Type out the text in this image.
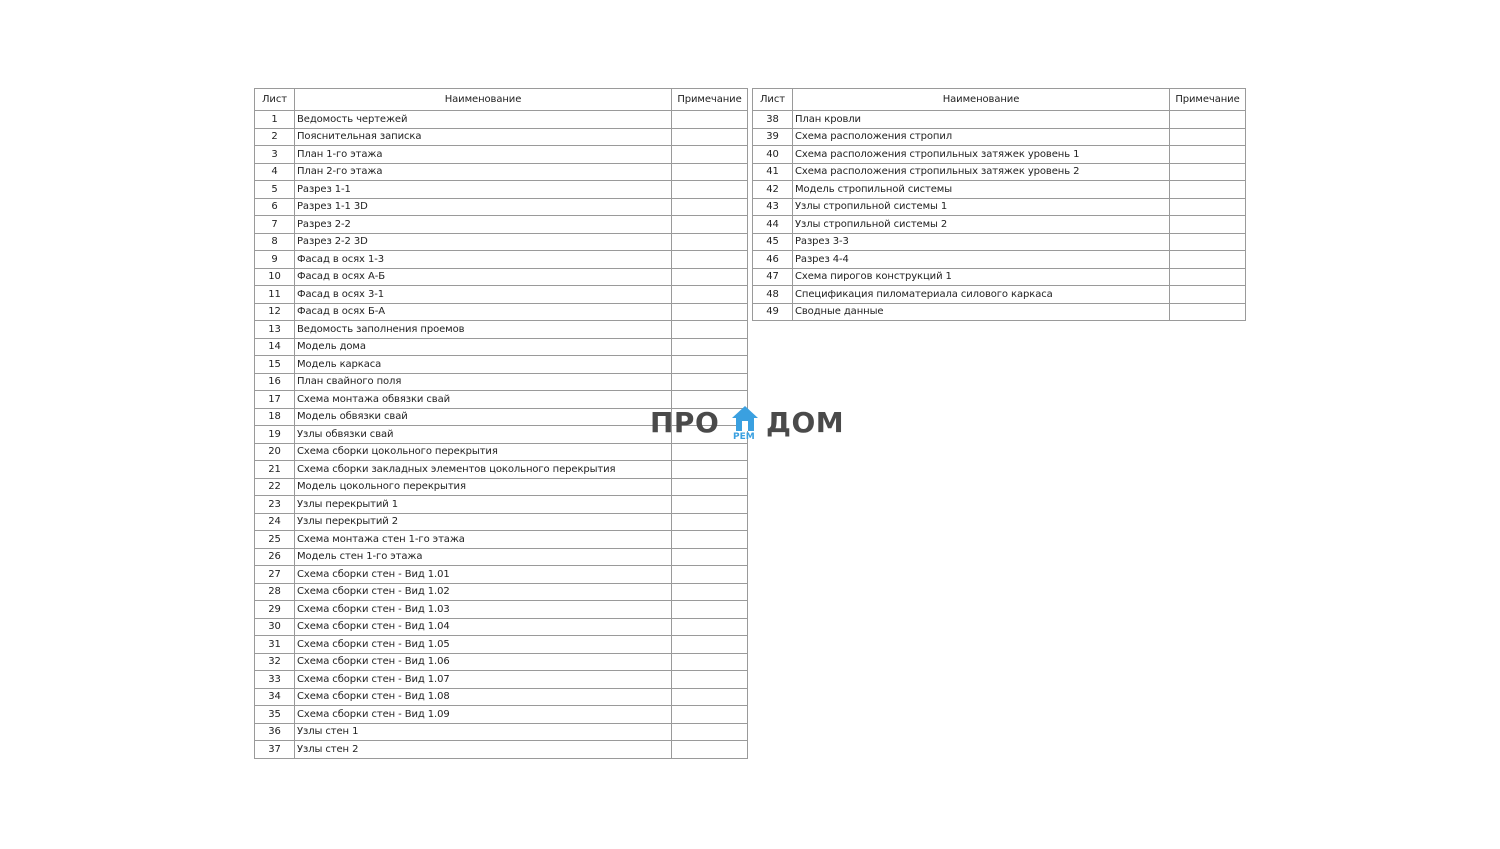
Лист	Наименование	Примечание
1	Ведомость чертежей	
2	Пояснительная записка	
3	План 1-го этажа	
4	План 2-го этажа	
5	Разрез 1-1	
6	Разрез 1-1 3D	
7	Разрез 2-2	
8	Разрез 2-2 3D	
9	Фасад в осях 1-3	
10	Фасад в осях А-Б	
11	Фасад в осях 3-1	
12	Фасад в осях Б-А	
13	Ведомость заполнения проемов	
14	Модель дома	
15	Модель каркаса	
16	План свайного поля	
17	Схема монтажа обвязки свай	
18	Модель обвязки свай	
19	Узлы обвязки свай	
20	Схема сборки цокольного перекрытия	
21	Схема сборки закладных элементов цокольного перекрытия	
22	Модель цокольного перекрытия	
23	Узлы перекрытий 1	
24	Узлы перекрытий 2	
25	Схема монтажа стен 1-го этажа	
26	Модель стен 1-го этажа	
27	Схема сборки стен - Вид 1.01	
28	Схема сборки стен - Вид 1.02	
29	Схема сборки стен - Вид 1.03	
30	Схема сборки стен - Вид 1.04	
31	Схема сборки стен - Вид 1.05	
32	Схема сборки стен - Вид 1.06	
33	Схема сборки стен - Вид 1.07	
34	Схема сборки стен - Вид 1.08	
35	Схема сборки стен - Вид 1.09	
36	Узлы стен 1	
37	Узлы стен 2	
Лист	Наименование	Примечание
38	План кровли	
39	Схема расположения стропил	
40	Схема расположения стропильных затяжек уровень 1	
41	Схема расположения стропильных затяжек уровень 2	
42	Модель стропильной системы	
43	Узлы стропильной системы 1	
44	Узлы стропильной системы 2	
45	Разрез 3-3	
46	Разрез 4-4	
47	Схема пирогов конструкций 1	
48	Спецификация пиломатериала силового каркаса	
49	Сводные данные	
ПРО РЕМ ДОМ
